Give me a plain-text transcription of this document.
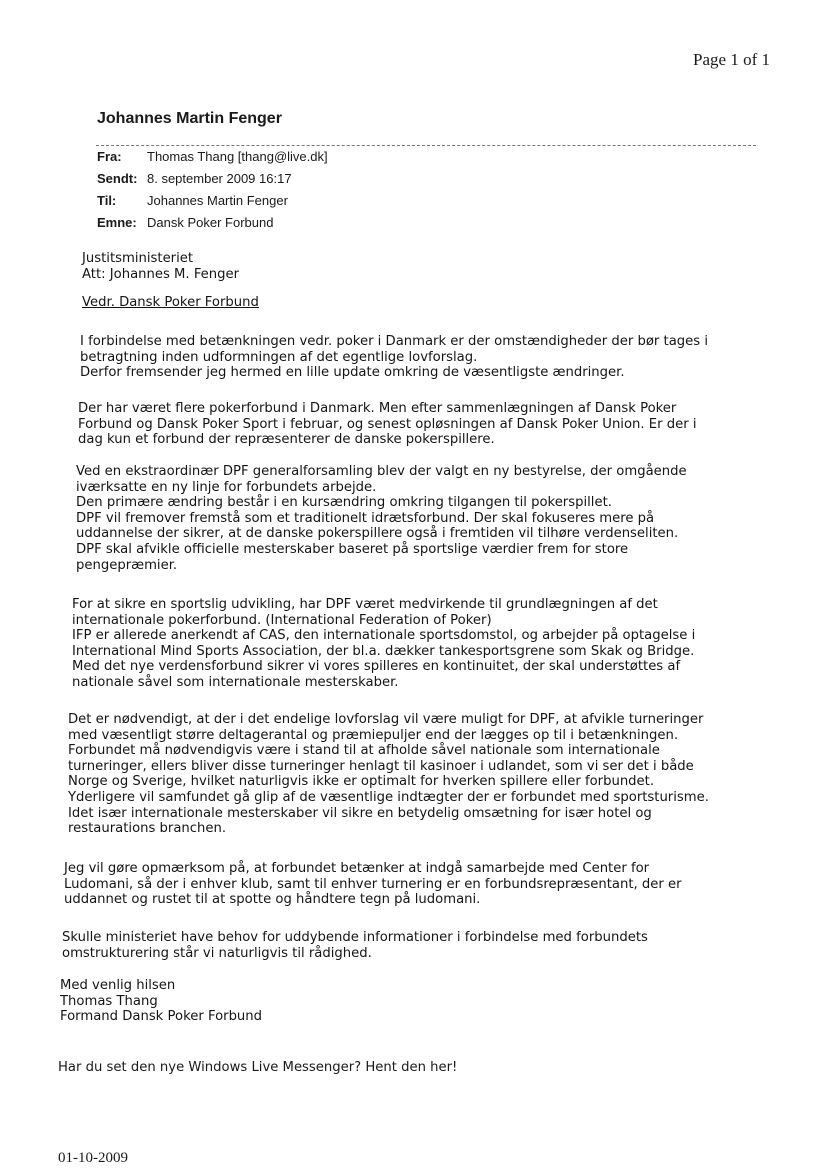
Page 1 of 1
Johannes Martin Fenger
Fra: Thomas Thang [thang@live.dk]
Sendt: 8. september 2009 16:17
Til: Johannes Martin Fenger
Emne: Dansk Poker Forbund

Justitsministeriet
Att: Johannes M. Fenger

Vedr. Dansk Poker Forbund

I forbindelse med betænkningen vedr. poker i Danmark er der omstændigheder der bør tages i
betragtning inden udformningen af det egentlige lovforslag.
Derfor fremsender jeg hermed en lille update omkring de væsentligste ændringer.

Der har været flere pokerforbund i Danmark. Men efter sammenlægningen af Dansk Poker
Forbund og Dansk Poker Sport i februar, og senest opløsningen af Dansk Poker Union. Er der i
dag kun et forbund der repræsenterer de danske pokerspillere.

Ved en ekstraordinær DPF generalforsamling blev der valgt en ny bestyrelse, der omgående
iværksatte en ny linje for forbundets arbejde.
Den primære ændring består i en kursændring omkring tilgangen til pokerspillet.
DPF vil fremover fremstå som et traditionelt idrætsforbund. Der skal fokuseres mere på
uddannelse der sikrer, at de danske pokerspillere også i fremtiden vil tilhøre verdenseliten.
DPF skal afvikle officielle mesterskaber baseret på sportslige værdier frem for store
pengepræmier.

For at sikre en sportslig udvikling, har DPF været medvirkende til grundlægningen af det
internationale pokerforbund. (International Federation of Poker)
IFP er allerede anerkendt af CAS, den internationale sportsdomstol, og arbejder på optagelse i
International Mind Sports Association, der bl.a. dækker tankesportsgrene som Skak og Bridge.
Med det nye verdensforbund sikrer vi vores spilleres en kontinuitet, der skal understøttes af
nationale såvel som internationale mesterskaber.

Det er nødvendigt, at der i det endelige lovforslag vil være muligt for DPF, at afvikle turneringer
med væsentligt større deltagerantal og præmiepuljer end der lægges op til i betænkningen.
Forbundet må nødvendigvis være i stand til at afholde såvel nationale som internationale
turneringer, ellers bliver disse turneringer henlagt til kasinoer i udlandet, som vi ser det i både
Norge og Sverige, hvilket naturligvis ikke er optimalt for hverken spillere eller forbundet.
Yderligere vil samfundet gå glip af de væsentlige indtægter der er forbundet med sportsturisme.
Idet især internationale mesterskaber vil sikre en betydelig omsætning for især hotel og
restaurations branchen.

Jeg vil gøre opmærksom på, at forbundet betænker at indgå samarbejde med Center for
Ludomani, så der i enhver klub, samt til enhver turnering er en forbundsrepræsentant, der er
uddannet og rustet til at spotte og håndtere tegn på ludomani.

Skulle ministeriet have behov for uddybende informationer i forbindelse med forbundets
omstrukturering står vi naturligvis til rådighed.

Med venlig hilsen
Thomas Thang
Formand Dansk Poker Forbund

Har du set den nye Windows Live Messenger? Hent den her!
01-10-2009
